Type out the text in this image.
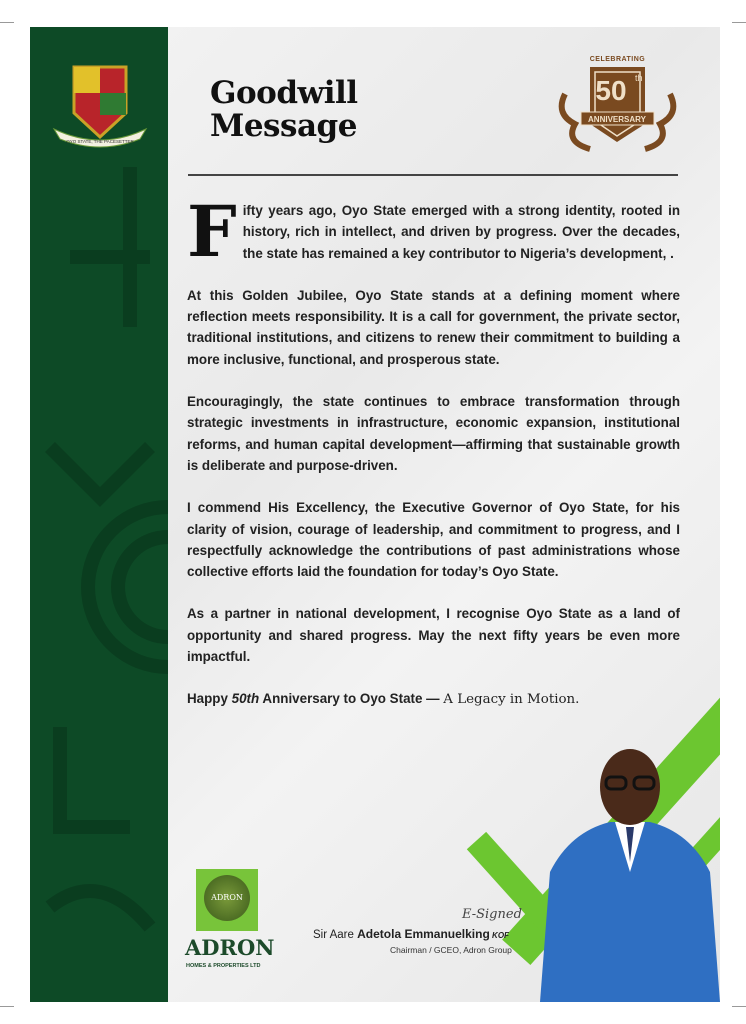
OYO STATE, THE PACESETTER
Goodwill
Message
CELEBRATING
50 th
ANNIVERSARY

Fifty years ago, Oyo State emerged with a strong identity, rooted in history, rich in intellect, and driven by progress. Over the decades, the state has remained a key contributor to Nigeria’s development, .

At this Golden Jubilee, Oyo State stands at a defining moment where reflection meets responsibility. It is a call for government, the private sector, traditional institutions, and citizens to renew their commitment to building a more inclusive, functional, and prosperous state.

Encouragingly, the state continues to embrace transformation through strategic investments in infrastructure, economic expansion, institutional reforms, and human capital development—affirming that sustainable growth is deliberate and purpose-driven.

I commend His Excellency, the Executive Governor of Oyo State, for his clarity of vision, courage of leadership, and commitment to progress, and I respectfully acknowledge the contributions of past administrations whose collective efforts laid the foundation for today’s Oyo State.

As a partner in national development, I recognise Oyo State as a land of opportunity and shared progress. May the next fifty years be even more impactful.

Happy 50th Anniversary to Oyo State — A Legacy in Motion.

ADRON
ADRON
HOMES & PROPERTIES LTD
E-Signed
Sir Aare Adetola Emmanuelking KOF
Chairman / GCEO, Adron Group
